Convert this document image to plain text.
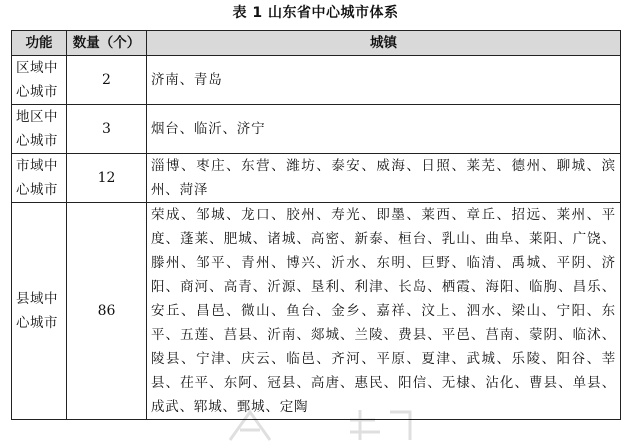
表 1 山东省中心城市体系
功能	数量（个）	城镇
区域中心城市	2	济南、青岛
地区中心城市	3	烟台、临沂、济宁
市域中心城市	12	淄博、枣庄、东营、潍坊、泰安、威海、日照、莱芜、德州、聊城、滨州、菏泽
县域中心城市	86	荣成、邹城、龙口、胶州、寿光、即墨、莱西、章丘、招远、莱州、平度、蓬莱、肥城、诸城、高密、新泰、桓台、乳山、曲阜、莱阳、广饶、滕州、邹平、青州、博兴、沂水、东明、巨野、临清、禹城、平阴、济阳、商河、高青、沂源、垦利、利津、长岛、栖霞、海阳、临朐、昌乐、安丘、昌邑、微山、鱼台、金乡、嘉祥、汶上、泗水、梁山、宁阳、东平、五莲、莒县、沂南、郯城、兰陵、费县、平邑、莒南、蒙阴、临沭、陵县、宁津、庆云、临邑、齐河、平原、夏津、武城、乐陵、阳谷、莘县、茌平、东阿、冠县、高唐、惠民、阳信、无棣、沾化、曹县、单县、成武、郓城、鄄城、定陶
